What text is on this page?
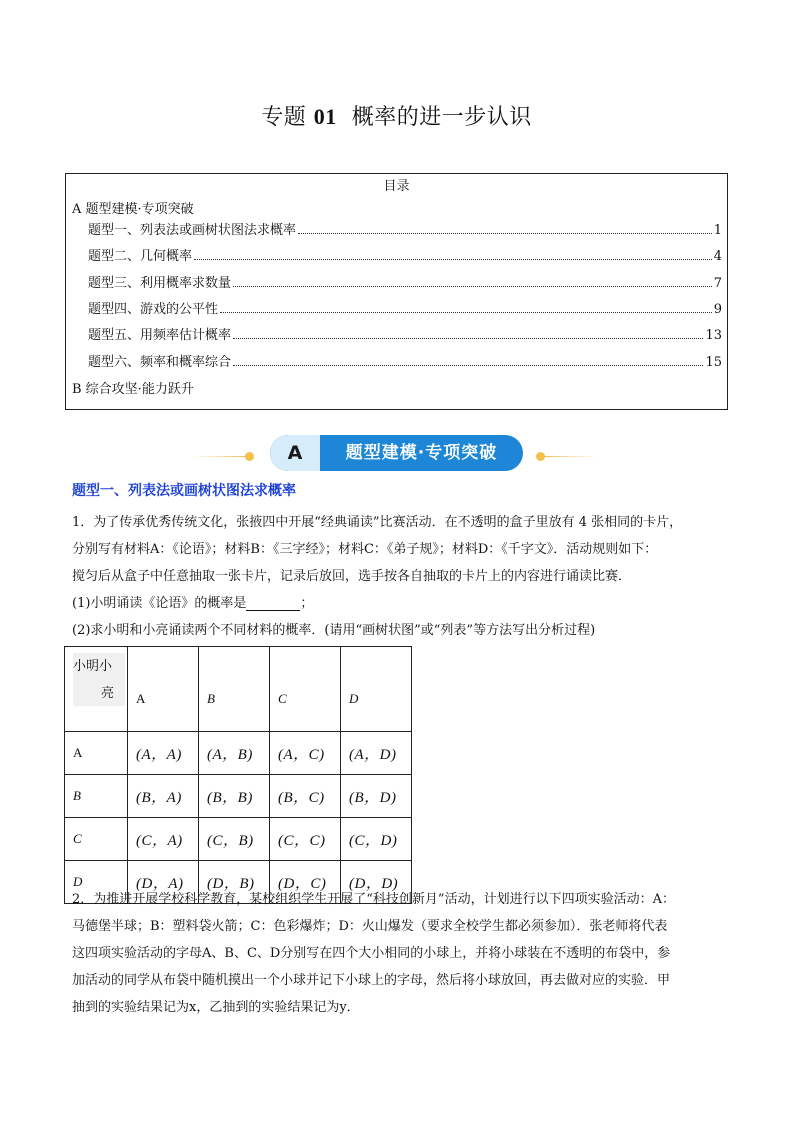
专题 01 概率的进一步认识
目录
A 题型建模·专项突破
题型一、列表法或画树状图法求概率	1
题型二、几何概率	4
题型三、利用概率求数量	7
题型四、游戏的公平性	9
题型五、用频率估计概率	13
题型六、频率和概率综合	15
B 综合攻坚·能力跃升
A	题型建模·专项突破
题型一、列表法或画树状图法求概率
1．为了传承优秀传统文化，张掖四中开展“经典诵读”比赛活动．在不透明的盒子里放有 4 张相同的卡片，
分别写有材料A：《论语》；材料B：《三字经》；材料C：《弟子规》；材料D：《千字文》．活动规则如下：
搅匀后从盒子中任意抽取一张卡片，记录后放回，选手按各自抽取的卡片上的内容进行诵读比赛．
(1)小明诵读《论语》的概率是	；
(2)求小明和小亮诵读两个不同材料的概率．(请用“画树状图”或“列表”等方法写出分析过程)
小明小
亮	A	B	C	D
A	(A，A)	(A，B)	(A，C)	(A，D)
B	(B，A)	(B，B)	(B，C)	(B，D)
C	(C，A)	(C，B)	(C，C)	(C，D)
D	(D，A)	(D，B)	(D，C)	(D，D)
2．为推进开展学校科学教育，某校组织学生开展了“科技创新月”活动，计划进行以下四项实验活动：A：
马德堡半球；B：塑料袋火箭；C：色彩爆炸；D：火山爆发（要求全校学生都必须参加）．张老师将代表
这四项实验活动的字母A、B、C、D分别写在四个大小相同的小球上，并将小球装在不透明的布袋中，参
加活动的同学从布袋中随机摸出一个小球并记下小球上的字母，然后将小球放回，再去做对应的实验．甲
抽到的实验结果记为x，乙抽到的实验结果记为y．
